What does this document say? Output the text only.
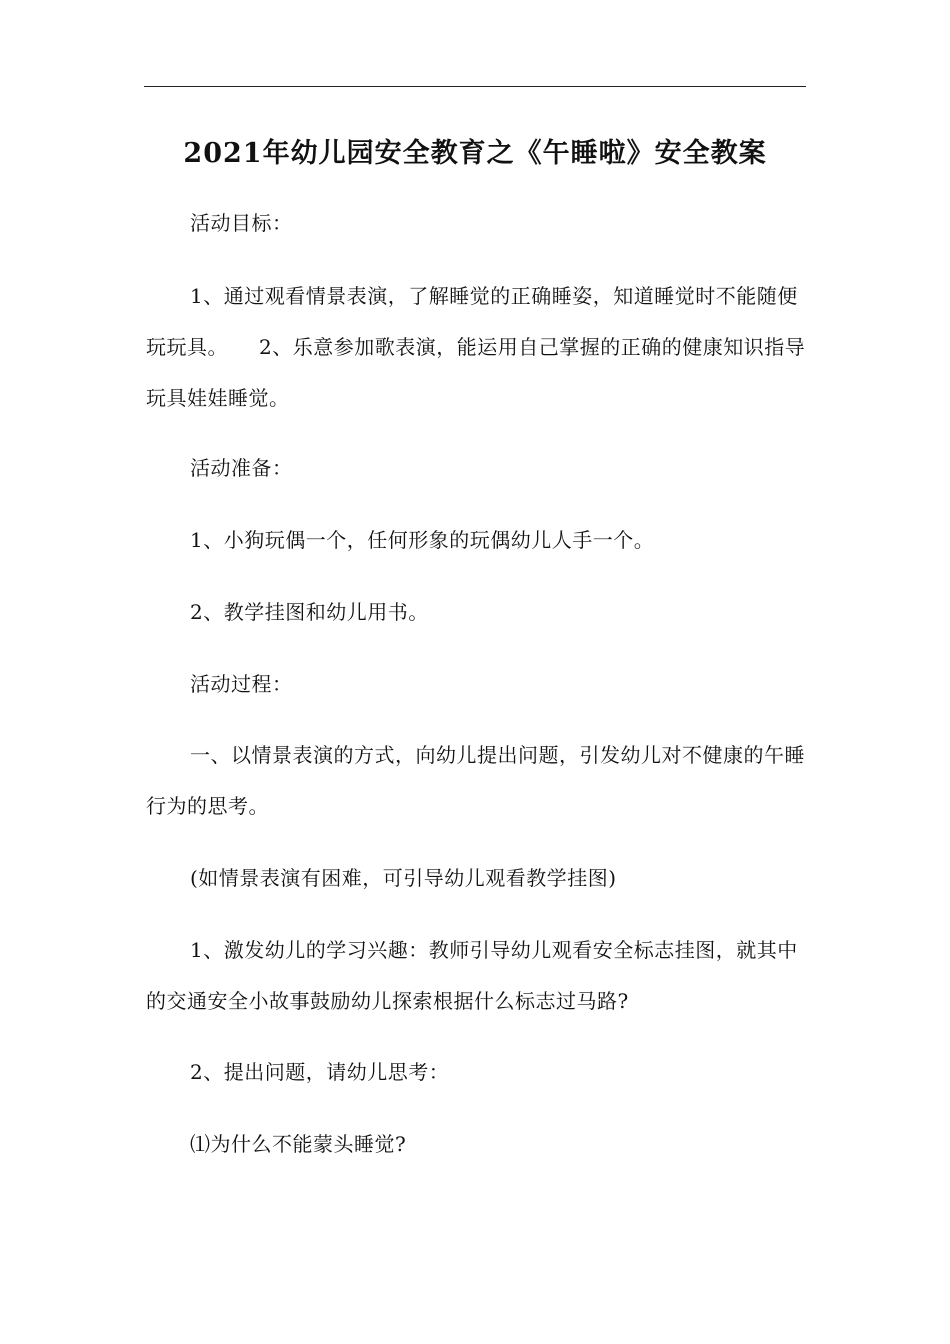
2021年幼儿园安全教育之《午睡啦》安全教案

活动目标：

1、通过观看情景表演，了解睡觉的正确睡姿，知道睡觉时不能随便玩玩具。　　2、乐意参加歌表演，能运用自己掌握的正确的健康知识指导玩具娃娃睡觉。

活动准备：

1、小狗玩偶一个，任何形象的玩偶幼儿人手一个。

2、教学挂图和幼儿用书。

活动过程：

一、以情景表演的方式，向幼儿提出问题，引发幼儿对不健康的午睡行为的思考。

(如情景表演有困难，可引导幼儿观看教学挂图)

1、激发幼儿的学习兴趣：教师引导幼儿观看安全标志挂图，就其中的交通安全小故事鼓励幼儿探索根据什么标志过马路?

2、提出问题，请幼儿思考：

⑴为什么不能蒙头睡觉?
